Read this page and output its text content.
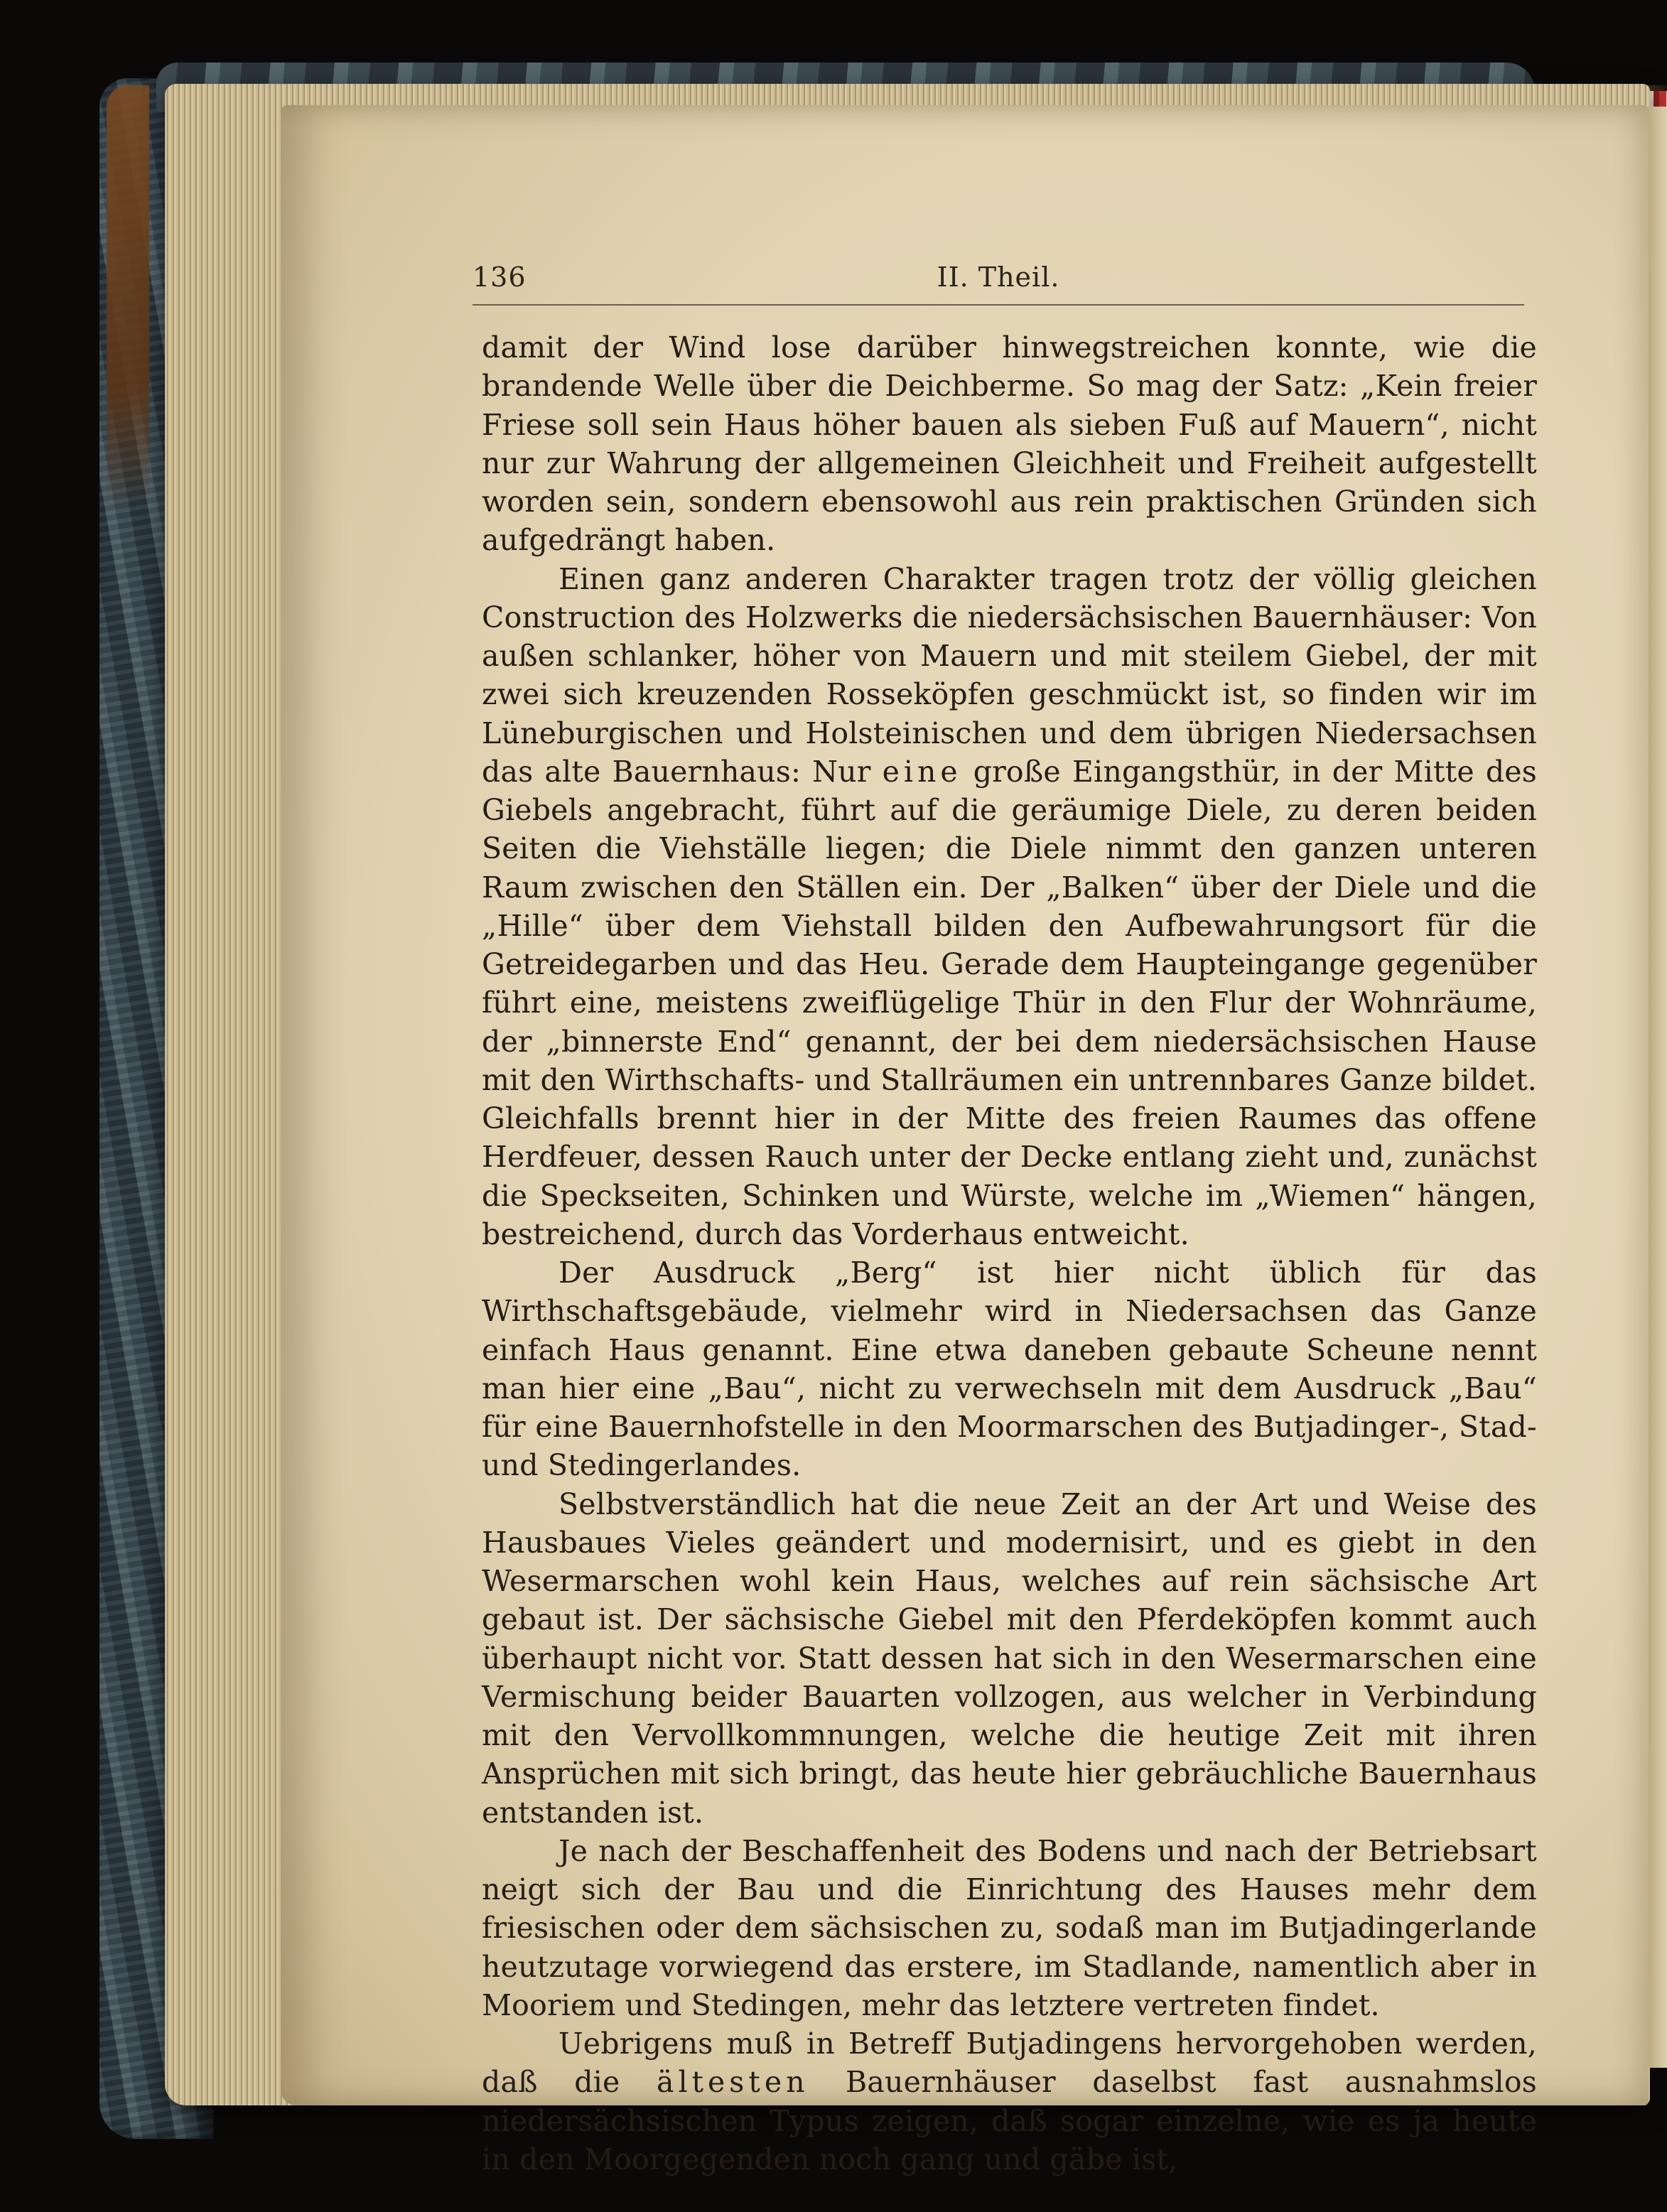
136	II. Theil.

damit der Wind lose darüber hinwegstreichen konnte, wie die brandende Welle über die Deichberme. So mag der Satz: „Kein freier Friese soll sein Haus höher bauen als sieben Fuß auf Mauern“, nicht nur zur Wahrung der allgemeinen Gleichheit und Freiheit aufgestellt worden sein, sondern ebensowohl aus rein praktischen Gründen sich aufgedrängt haben.

Einen ganz anderen Charakter tragen trotz der völlig gleichen Construction des Holzwerks die niedersächsischen Bauernhäuser: Von außen schlanker, höher von Mauern und mit steilem Giebel, der mit zwei sich kreuzenden Rosseköpfen geschmückt ist, so finden wir im Lüneburgischen und Holsteinischen und dem übrigen Niedersachsen das alte Bauernhaus: Nur eine große Eingangsthür, in der Mitte des Giebels angebracht, führt auf die geräumige Diele, zu deren beiden Seiten die Viehställe liegen; die Diele nimmt den ganzen unteren Raum zwischen den Ställen ein. Der „Balken“ über der Diele und die „Hille“ über dem Viehstall bilden den Aufbewahrungsort für die Getreidegarben und das Heu. Gerade dem Haupteingange gegenüber führt eine, meistens zweiflügelige Thür in den Flur der Wohnräume, der „binnerste End“ genannt, der bei dem niedersächsischen Hause mit den Wirthschafts- und Stallräumen ein untrennbares Ganze bildet. Gleichfalls brennt hier in der Mitte des freien Raumes das offene Herdfeuer, dessen Rauch unter der Decke entlang zieht und, zunächst die Speckseiten, Schinken und Würste, welche im „Wiemen“ hängen, bestreichend, durch das Vorderhaus entweicht.

Der Ausdruck „Berg“ ist hier nicht üblich für das Wirthschaftsgebäude, vielmehr wird in Niedersachsen das Ganze einfach Haus genannt. Eine etwa daneben gebaute Scheune nennt man hier eine „Bau“, nicht zu verwechseln mit dem Ausdruck „Bau“ für eine Bauernhofstelle in den Moormarschen des Butjadinger-, Stad- und Stedingerlandes.

Selbstverständlich hat die neue Zeit an der Art und Weise des Hausbaues Vieles geändert und modernisirt, und es giebt in den Wesermarschen wohl kein Haus, welches auf rein sächsische Art gebaut ist. Der sächsische Giebel mit den Pferdeköpfen kommt auch überhaupt nicht vor. Statt dessen hat sich in den Wesermarschen eine Vermischung beider Bauarten vollzogen, aus welcher in Verbindung mit den Vervollkommnungen, welche die heutige Zeit mit ihren Ansprüchen mit sich bringt, das heute hier gebräuchliche Bauernhaus entstanden ist.

Je nach der Beschaffenheit des Bodens und nach der Betriebsart neigt sich der Bau und die Einrichtung des Hauses mehr dem friesischen oder dem sächsischen zu, sodaß man im Butjadingerlande heutzutage vorwiegend das erstere, im Stadlande, namentlich aber in Mooriem und Stedingen, mehr das letztere vertreten findet.

Uebrigens muß in Betreff Butjadingens hervorgehoben werden, daß die ältesten Bauernhäuser daselbst fast ausnahmslos niedersächsischen Typus zeigen, daß sogar einzelne, wie es ja heute in den Moorgegenden noch gang und gäbe ist,
